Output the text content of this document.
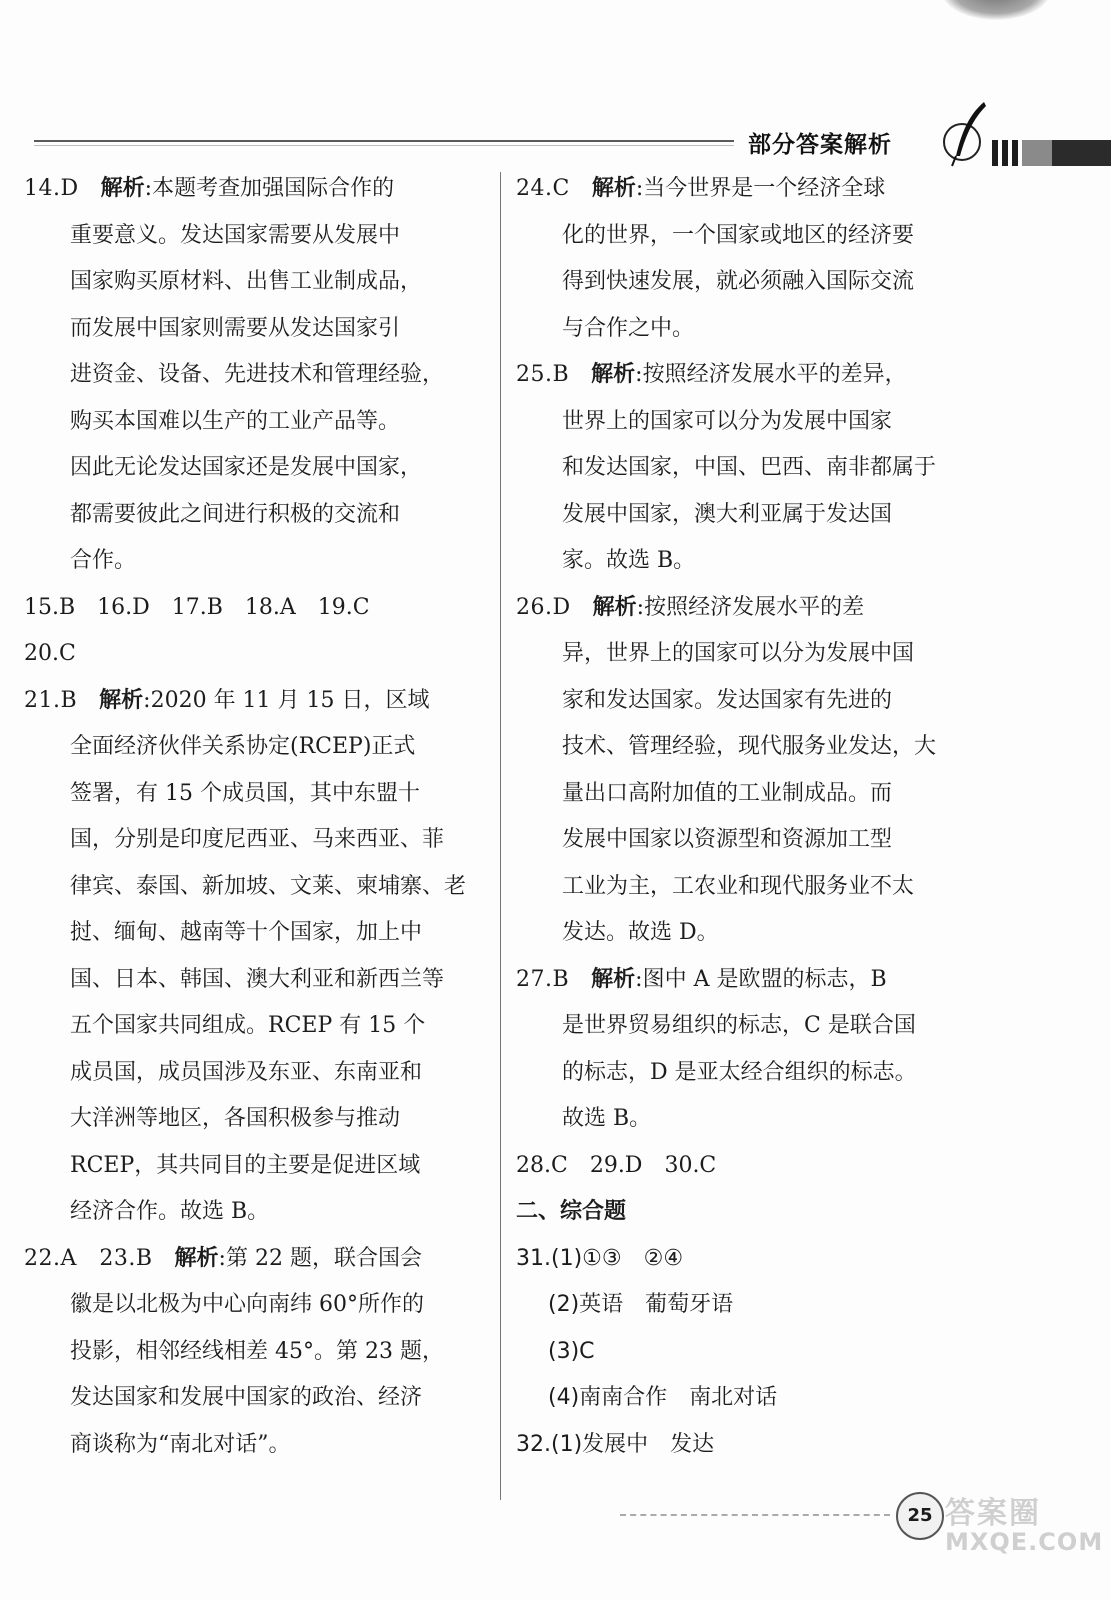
部分答案解析
14.D 解析:本题考查加强国际合作的
重要意义。发达国家需要从发展中
国家购买原材料、出售工业制成品，
而发展中国家则需要从发达国家引
进资金、设备、先进技术和管理经验，
购买本国难以生产的工业产品等。
因此无论发达国家还是发展中国家，
都需要彼此之间进行积极的交流和
合作。
15.B　16.D　17.B　18.A　19.C
20.C
21.B 解析:2020 年 11 月 15 日，区域
全面经济伙伴关系协定(RCEP)正式
签署，有 15 个成员国，其中东盟十
国，分别是印度尼西亚、马来西亚、菲
律宾、泰国、新加坡、文莱、柬埔寨、老
挝、缅甸、越南等十个国家，加上中
国、日本、韩国、澳大利亚和新西兰等
五个国家共同组成。RCEP 有 15 个
成员国，成员国涉及东亚、东南亚和
大洋洲等地区，各国积极参与推动
RCEP，其共同目的主要是促进区域
经济合作。故选 B。
22.A　23.B 解析:第 22 题，联合国会
徽是以北极为中心向南纬 60°所作的
投影，相邻经线相差 45°。第 23 题，
发达国家和发展中国家的政治、经济
商谈称为“南北对话”。
24.C 解析:当今世界是一个经济全球
化的世界，一个国家或地区的经济要
得到快速发展，就必须融入国际交流
与合作之中。
25.B 解析:按照经济发展水平的差异，
世界上的国家可以分为发展中国家
和发达国家，中国、巴西、南非都属于
发展中国家，澳大利亚属于发达国
家。故选 B。
26.D 解析:按照经济发展水平的差
异，世界上的国家可以分为发展中国
家和发达国家。发达国家有先进的
技术、管理经验，现代服务业发达，大
量出口高附加值的工业制成品。而
发展中国家以资源型和资源加工型
工业为主，工农业和现代服务业不太
发达。故选 D。
27.B 解析:图中 A 是欧盟的标志，B
是世界贸易组织的标志，C 是联合国
的标志，D 是亚太经合组织的标志。
故选 B。
28.C　29.D　30.C
二、综合题
31.(1)①③　②④
(2)英语　葡萄牙语
(3)C
(4)南南合作　南北对话
32.(1)发展中　发达
25 答案圈
MXQE.COM
